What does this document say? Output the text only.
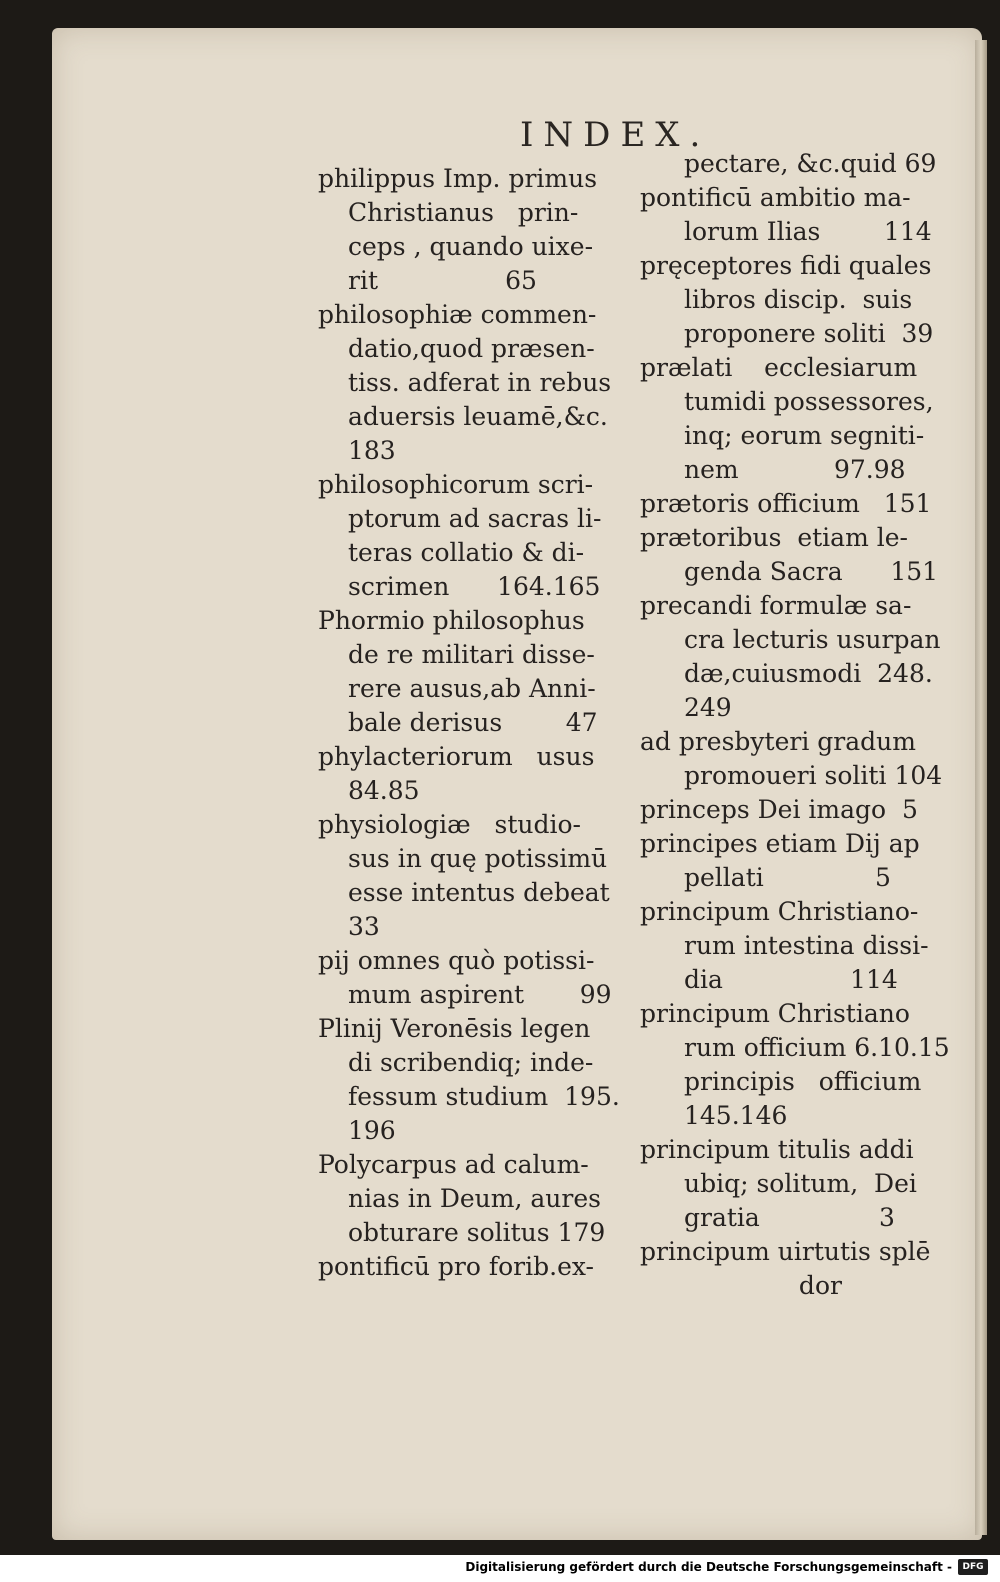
INDEX.
philippus Imp. primus
Christianus   prin-
ceps , quando uixe-
rit                65
philosophiæ commen-
datio,quod præsen-
tiss. adferat in rebus
aduersis leuamē,&c.
183
philosophicorum scri-
ptorum ad sacras li-
teras collatio & di-
scrimen      164.165
Phormio philosophus
de re militari disse-
rere ausus,ab Anni-
bale derisus        47
phylacteriorum   usus
84.85
physiologiæ   studio-
sus in quę potissimū
esse intentus debeat
33
pij omnes quò potissi-
mum aspirent       99
Plinij Veronēsis legen
di scribendiq; inde-
fessum studium  195.
196
Polycarpus ad calum-
nias in Deum, aures
obturare solitus 179
pontificū pro forib.ex-
pectare, &c.quid 69
pontificū ambitio ma-
lorum Ilias        114
pręceptores fidi quales
libros discip.  suis
proponere soliti  39
prælati    ecclesiarum
tumidi possessores,
inq; eorum segniti-
nem            97.98
prætoris officium   151
prætoribus  etiam le-
genda Sacra      151
precandi formulæ sa-
cra lecturis usurpan
dæ,cuiusmodi  248.
249
ad presbyteri gradum
promoueri soliti 104
princeps Dei imago  5
principes etiam Dij ap
pellati              5
principum Christiano-
rum intestina dissi-
dia                114
principum Christiano
rum officium 6.10.15
principis   officium
145.146
principum titulis addi
ubiq; solitum,  Dei
gratia               3
principum uirtutis splē
dor
Digitalisierung gefördert durch die Deutsche Forschungsgemeinschaft -	DFG
